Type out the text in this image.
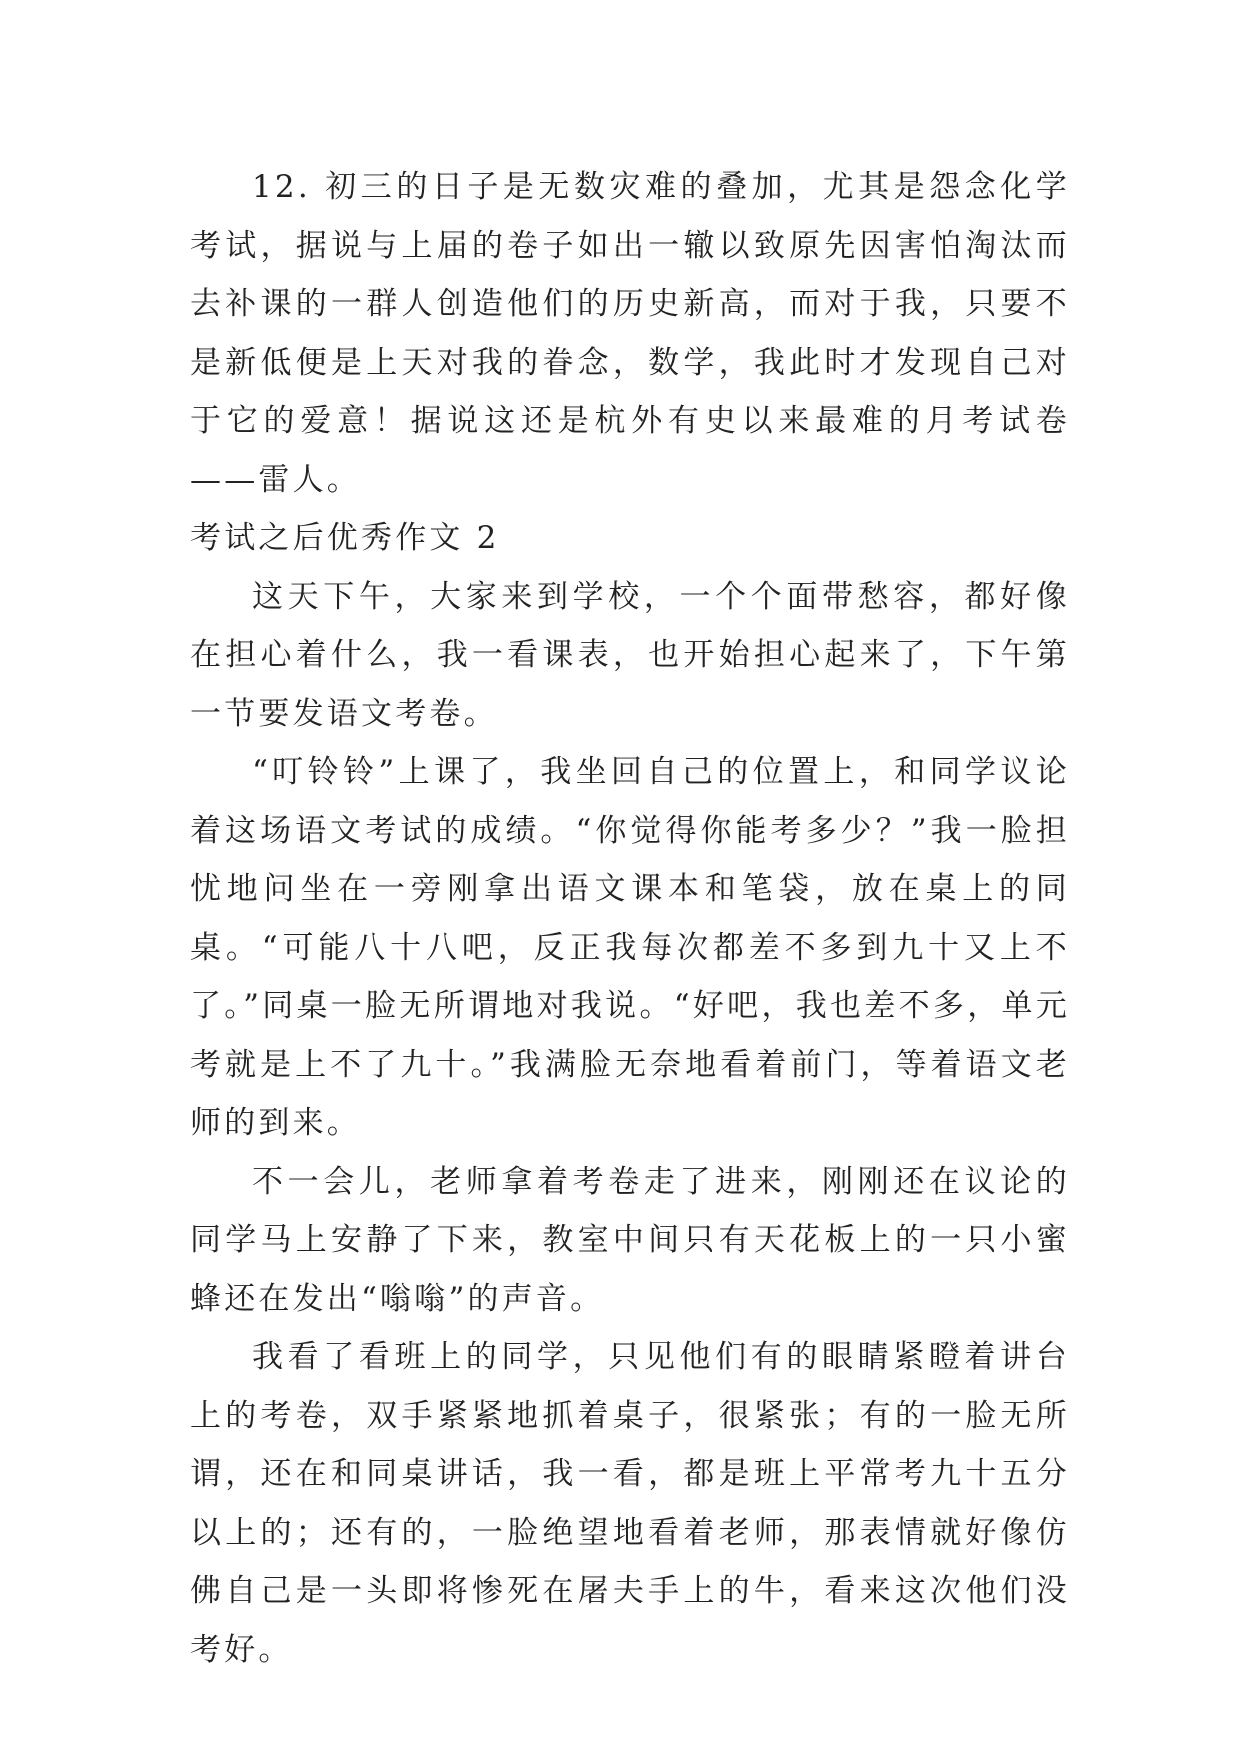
12. 初三的日子是无数灾难的叠加，尤其是怨念化学考试，据说与上届的卷子如出一辙以致原先因害怕淘汰而去补课的一群人创造他们的历史新高，而对于我，只要不是新低便是上天对我的眷念，数学，我此时才发现自己对于它的爱意！据说这还是杭外有史以来最难的月考试卷——雷人。

考试之后优秀作文 2

这天下午，大家来到学校，一个个面带愁容，都好像在担心着什么，我一看课表，也开始担心起来了，下午第一节要发语文考卷。

“叮铃铃”上课了，我坐回自己的位置上，和同学议论着这场语文考试的成绩。“你觉得你能考多少？”我一脸担忧地问坐在一旁刚拿出语文课本和笔袋，放在桌上的同桌。“可能八十八吧，反正我每次都差不多到九十又上不了。”同桌一脸无所谓地对我说。“好吧，我也差不多，单元考就是上不了九十。”我满脸无奈地看着前门，等着语文老师的到来。

不一会儿，老师拿着考卷走了进来，刚刚还在议论的同学马上安静了下来，教室中间只有天花板上的一只小蜜蜂还在发出“嗡嗡”的声音。

我看了看班上的同学，只见他们有的眼睛紧瞪着讲台上的考卷，双手紧紧地抓着桌子，很紧张；有的一脸无所谓，还在和同桌讲话，我一看，都是班上平常考九十五分以上的；还有的，一脸绝望地看着老师，那表情就好像仿佛自己是一头即将惨死在屠夫手上的牛，看来这次他们没考好。
